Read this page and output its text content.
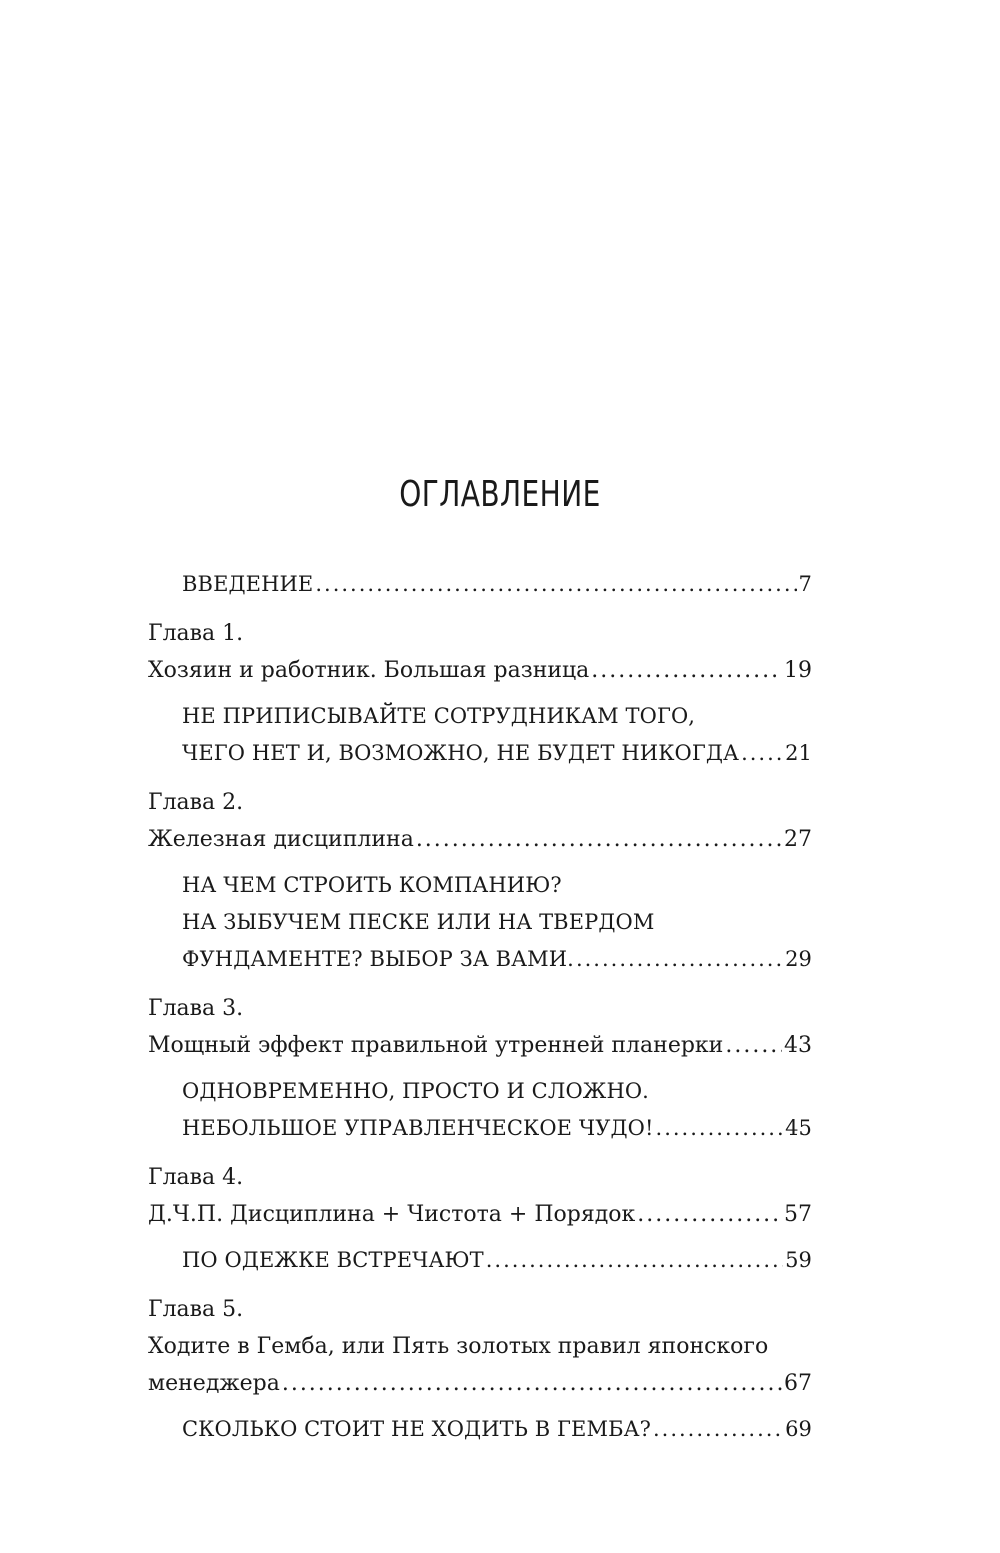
ОГЛАВЛЕНИЕ
ВВЕДЕНИЕ .....	7
Глава 1.
Хозяин и работник. Большая разница .....	19
НЕ ПРИПИСЫВАЙТЕ СОТРУДНИКАМ ТОГО,
ЧЕГО НЕТ И, ВОЗМОЖНО, НЕ БУДЕТ НИКОГДА ..... 21
Глава 2.
Железная дисциплина .....	27
НА ЧЕМ СТРОИТЬ КОМПАНИЮ?
НА ЗЫБУЧЕМ ПЕСКЕ ИЛИ НА ТВЕРДОМ
ФУНДАМЕНТЕ? ВЫБОР ЗА ВАМИ. .....	29
Глава 3.
Мощный эффект правильной утренней планерки .....	43
ОДНОВРЕМЕННО, ПРОСТО И СЛОЖНО.
НЕБОЛЬШОЕ УПРАВЛЕНЧЕСКОЕ ЧУДО! .....	45
Глава 4.
Д.Ч.П. Дисциплина + Чистота + Порядок .....	57
ПО ОДЕЖКЕ ВСТРЕЧАЮТ .....	59
Глава 5.
Ходите в Гемба, или Пять золотых правил японского
менеджера .....	67
СКОЛЬКО СТОИТ НЕ ХОДИТЬ В ГЕМБА? .....	69
